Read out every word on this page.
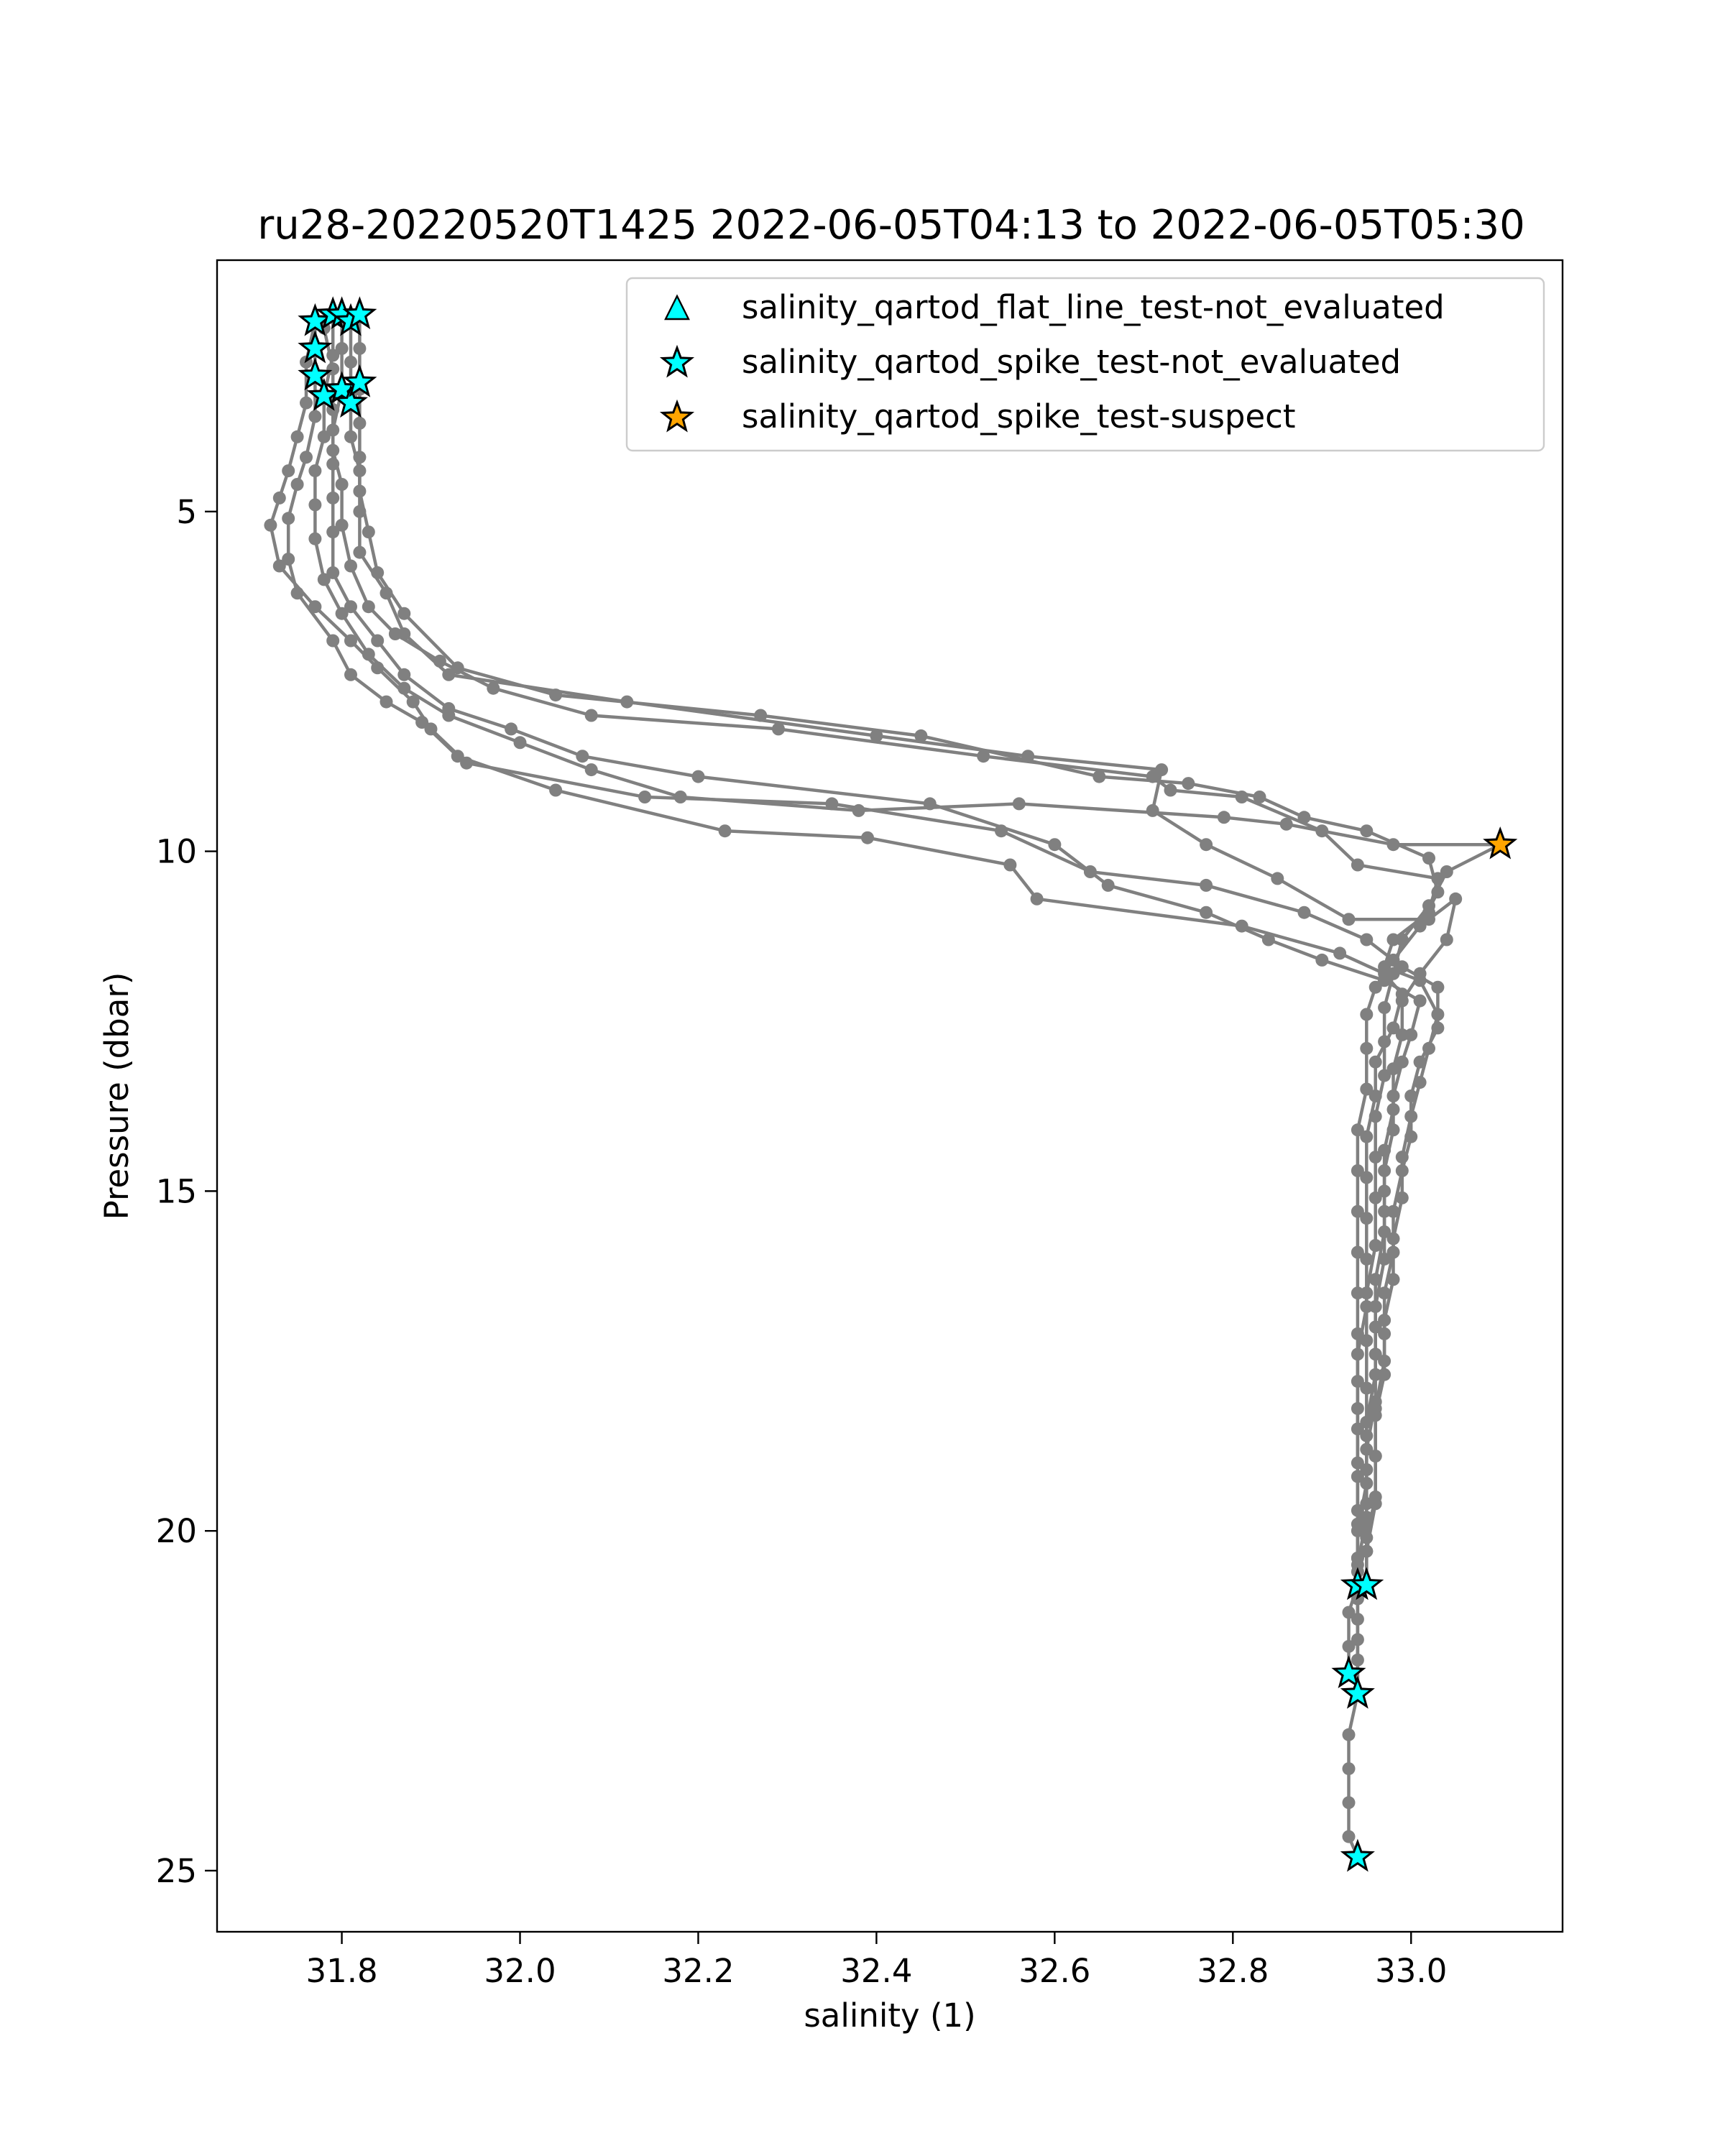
ru28-20220520T1425 2022-06-05T04:13 to 2022-06-05T05:30
31.8	32.0	32.2	32.4	32.6	32.8	33.0
5
10
15
20
25
salinity (1)
Pressure (dbar)
salinity_qartod_flat_line_test-not_evaluated
salinity_qartod_spike_test-not_evaluated
salinity_qartod_spike_test-suspect
